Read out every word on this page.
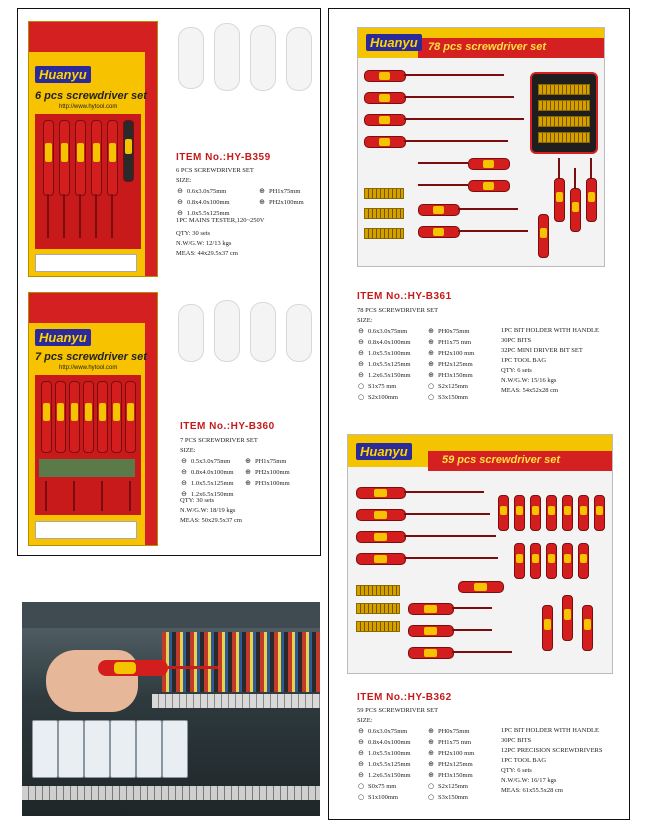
Huanyu
6 pcs screwdriver set
http://www.hytool.com
ITEM No.:HY-B359
6 PCS SCREWDRIVER SET
SIZE:
⊖ 0.6x3.0x75mm
⊖ 0.8x4.0x100mm
⊖ 1.0x5.5x125mm
⊕ PH1x75mm
⊕ PH2x100mm
1PC MAINS TESTER,120~250V
QTY: 30 sets
N.W/G.W: 12/13 kgs
MEAS: 44x29.5x37 cm
Huanyu
7 pcs screwdriver set
http://www.hytool.com
ITEM No.:HY-B360
7 PCS SCREWDRIVER SET
SIZE:
⊖ 0.5x3.0x75mm
⊖ 0.8x4.0x100mm
⊖ 1.0x5.5x125mm
⊖ 1.2x6.5x150mm
⊕ PH1x75mm
⊕ PH2x100mm
⊕ PH3x100mm
QTY: 30 sets
N.W/G.W: 18/19 kgs
MEAS: 50x29.5x37 cm
Huanyu 78 pcs screwdriver set
ITEM No.:HY-B361
78 PCS SCREWDRIVER SET
SIZE:
⊖ 0.6x3.0x75mm
⊖ 0.8x4.0x100mm
⊖ 1.0x5.5x100mm
⊖ 1.0x5.5x125mm
⊖ 1.2x6.5x150mm
○ S1x75 mm
○ S2x100mm
⊕ PH0x75mm
⊕ PH1x75 mm
⊕ PH2x100 mm
⊕ PH2x125mm
⊕ PH3x150mm
○ S2x125mm
○ S3x150mm
1PC BIT HOLDER WITH HANDLE
30PC BITS
32PC MINI DRIVER BIT SET
1PC TOOL BAG
QTY: 6 sets
N.W/G.W: 15/16 kgs
MEAS: 54x52x28 cm
Huanyu
59 pcs screwdriver set
ITEM No.:HY-B362
59 PCS SCREWDRIVER SET
SIZE:
⊖ 0.6x3.0x75mm
⊖ 0.8x4.0x100mm
⊖ 1.0x5.5x100mm
⊖ 1.0x5.5x125mm
⊖ 1.2x6.5x150mm
○ S0x75 mm
○ S1x100mm
⊕ PH0x75mm
⊕ PH1x75 mm
⊕ PH2x100 mm
⊕ PH2x125mm
⊕ PH3x150mm
○ S2x125mm
○ S3x150mm
1PC BIT HOLDER WITH HANDLE
30PC BITS
12PC PRECISION SCREWDRIVERS
1PC TOOL BAG
QTY: 6 sets
N.W/G.W: 16/17 kgs
MEAS: 61x55.5x28 cm
